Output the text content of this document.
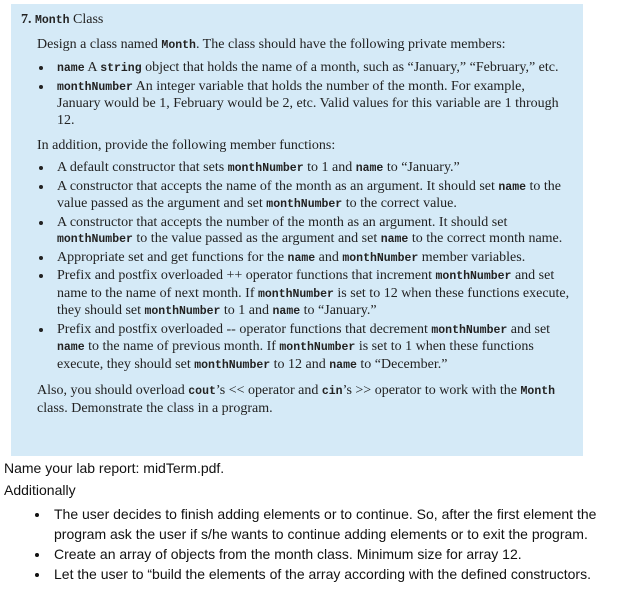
7. Month Class

Design a class named Month. The class should have the following private members:

• name A string object that holds the name of a month, such as “January,” “February,” etc.
• monthNumber An integer variable that holds the number of the month. For example, January would be 1, February would be 2, etc. Valid values for this variable are 1 through 12.

In addition, provide the following member functions:

• A default constructor that sets monthNumber to 1 and name to “January.”
• A constructor that accepts the name of the month as an argument. It should set name to the value passed as the argument and set monthNumber to the correct value.
• A constructor that accepts the number of the month as an argument. It should set monthNumber to the value passed as the argument and set name to the correct month name.
• Appropriate set and get functions for the name and monthNumber member variables.
• Prefix and postfix overloaded ++ operator functions that increment monthNumber and set name to the name of next month. If monthNumber is set to 12 when these functions execute, they should set monthNumber to 1 and name to “January.”
• Prefix and postfix overloaded -- operator functions that decrement monthNumber and set name to the name of previous month. If monthNumber is set to 1 when these functions execute, they should set monthNumber to 12 and name to “December.”

Also, you should overload cout’s << operator and cin’s >> operator to work with the Month class. Demonstrate the class in a program.

Name your lab report: midTerm.pdf.

Additionally

• The user decides to finish adding elements or to continue. So, after the first element the program ask the user if s/he wants to continue adding elements or to exit the program.
• Create an array of objects from the month class. Minimum size for array 12.
• Let the user to “build the elements of the array according with the defined constructors.
